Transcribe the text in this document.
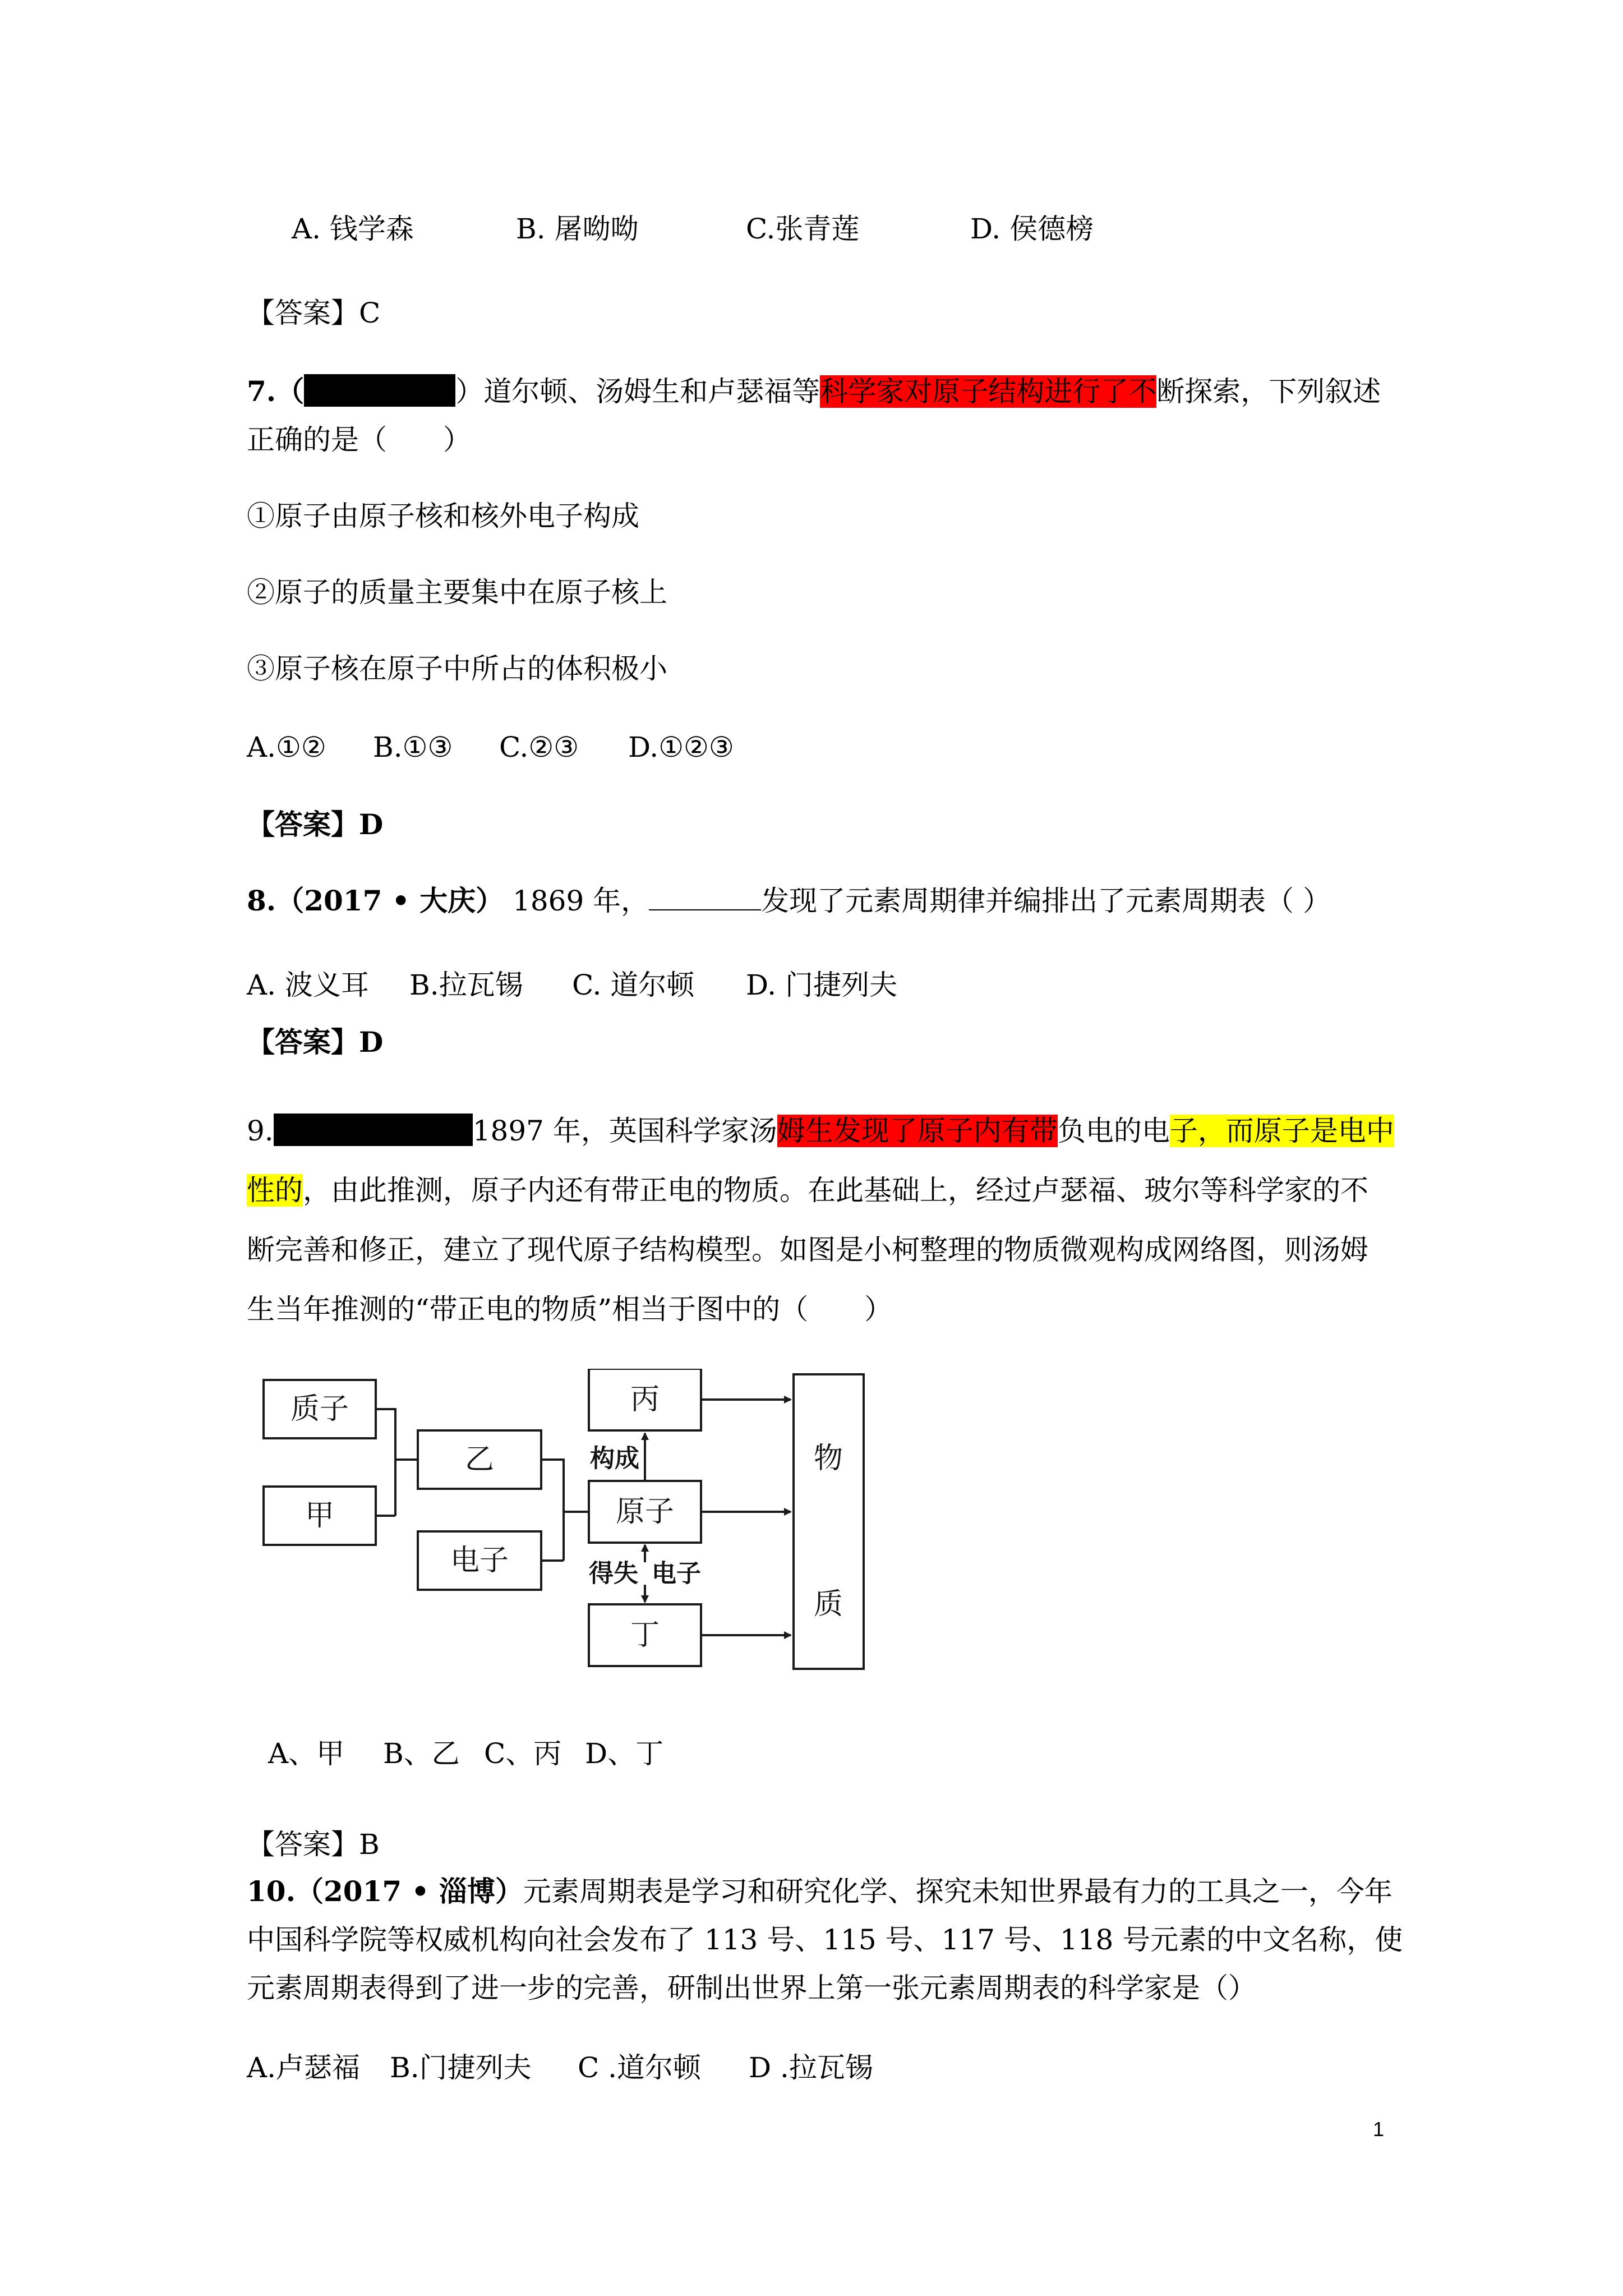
A. 钱学森	B. 屠呦呦	C.张青莲	D. 侯德榜
【答案】C
7.（	）道尔顿、汤姆生和卢瑟福等科学家对原子结构进行了不断探索，下列叙述
正确的是（　　）
①原子由原子核和核外电子构成
②原子的质量主要集中在原子核上
③原子核在原子中所占的体积极小
A.①② B.①③ C.②③ D.①②③
【答案】D
8.（2017 • 大庆） 1869 年，	发现了元素周期律并编排出了元素周期表（ ）
A. 波义耳 B.拉瓦锡 C. 道尔顿 D. 门捷列夫
【答案】D
9.	1897 年，英国科学家汤姆生发现了原子内有带负电的电子，而原子是电中
性的，由此推测，原子内还有带正电的物质。在此基础上，经过卢瑟福、玻尔等科学家的不
断完善和修正，建立了现代原子结构模型。如图是小柯整理的物质微观构成网络图，则汤姆
生当年推测的“带正电的物质”相当于图中的（　　）
质子
甲
乙
电子
丙
原子
丁
物
质
构成
得失 电子
A、甲 B、乙 C、丙 D、丁
【答案】B
10.（2017 • 淄博）元素周期表是学习和研究化学、探究未知世界最有力的工具之一，今年
中国科学院等权威机构向社会发布了 113 号、115 号、117 号、118 号元素的中文名称，使
元素周期表得到了进一步的完善，研制出世界上第一张元素周期表的科学家是（）
A.卢瑟福 B.门捷列夫 C .道尔顿 D .拉瓦锡
1
